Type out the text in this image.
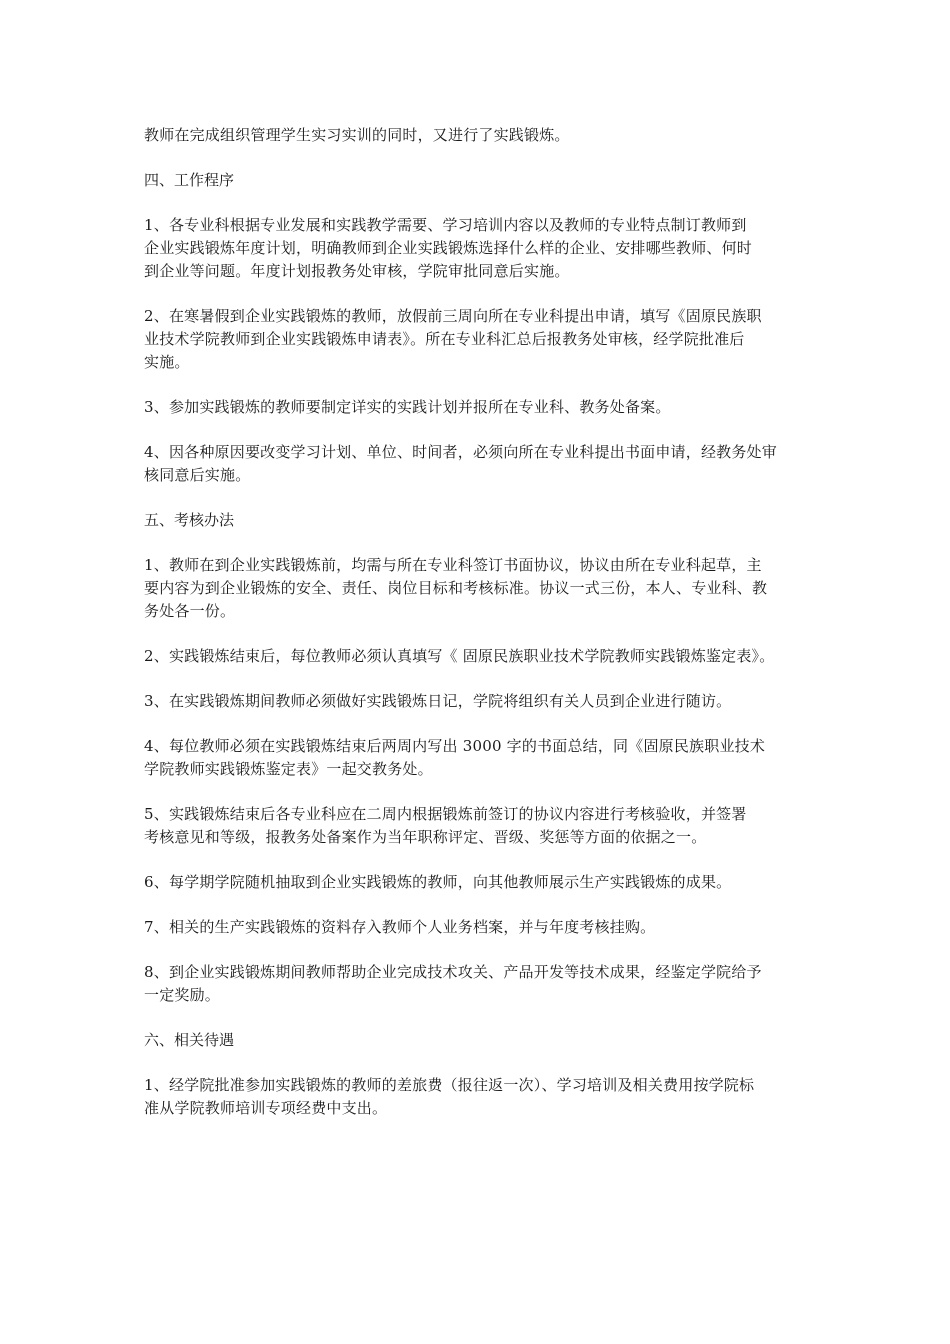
教师在完成组织管理学生实习实训的同时，又进行了实践锻炼。

四、工作程序

1、各专业科根据专业发展和实践教学需要、学习培训内容以及教师的专业特点制订教师到
企业实践锻炼年度计划，明确教师到企业实践锻炼选择什么样的企业、安排哪些教师、何时
到企业等问题。年度计划报教务处审核，学院审批同意后实施。

2、在寒暑假到企业实践锻炼的教师，放假前三周向所在专业科提出申请，填写《固原民族职
业技术学院教师到企业实践锻炼申请表》。所在专业科汇总后报教务处审核，经学院批准后
实施。

3、参加实践锻炼的教师要制定详实的实践计划并报所在专业科、教务处备案。

4、因各种原因要改变学习计划、单位、时间者，必须向所在专业科提出书面申请，经教务处审
核同意后实施。

五、考核办法

1、教师在到企业实践锻炼前，均需与所在专业科签订书面协议，协议由所在专业科起草，主
要内容为到企业锻炼的安全、责任、岗位目标和考核标准。协议一式三份，本人、专业科、教
务处各一份。

2、实践锻炼结束后，每位教师必须认真填写《 固原民族职业技术学院教师实践锻炼鉴定表》。

3、在实践锻炼期间教师必须做好实践锻炼日记，学院将组织有关人员到企业进行随访。

4、每位教师必须在实践锻炼结束后两周内写出 3000 字的书面总结，同《固原民族职业技术
学院教师实践锻炼鉴定表》一起交教务处。

5、实践锻炼结束后各专业科应在二周内根据锻炼前签订的协议内容进行考核验收，并签署
考核意见和等级，报教务处备案作为当年职称评定、晋级、奖惩等方面的依据之一。

6、每学期学院随机抽取到企业实践锻炼的教师，向其他教师展示生产实践锻炼的成果。

7、相关的生产实践锻炼的资料存入教师个人业务档案，并与年度考核挂购。

8、到企业实践锻炼期间教师帮助企业完成技术攻关、产品开发等技术成果，经鉴定学院给予
一定奖励。

六、相关待遇

1、经学院批准参加实践锻炼的教师的差旅费（报往返一次）、学习培训及相关费用按学院标
准从学院教师培训专项经费中支出。
